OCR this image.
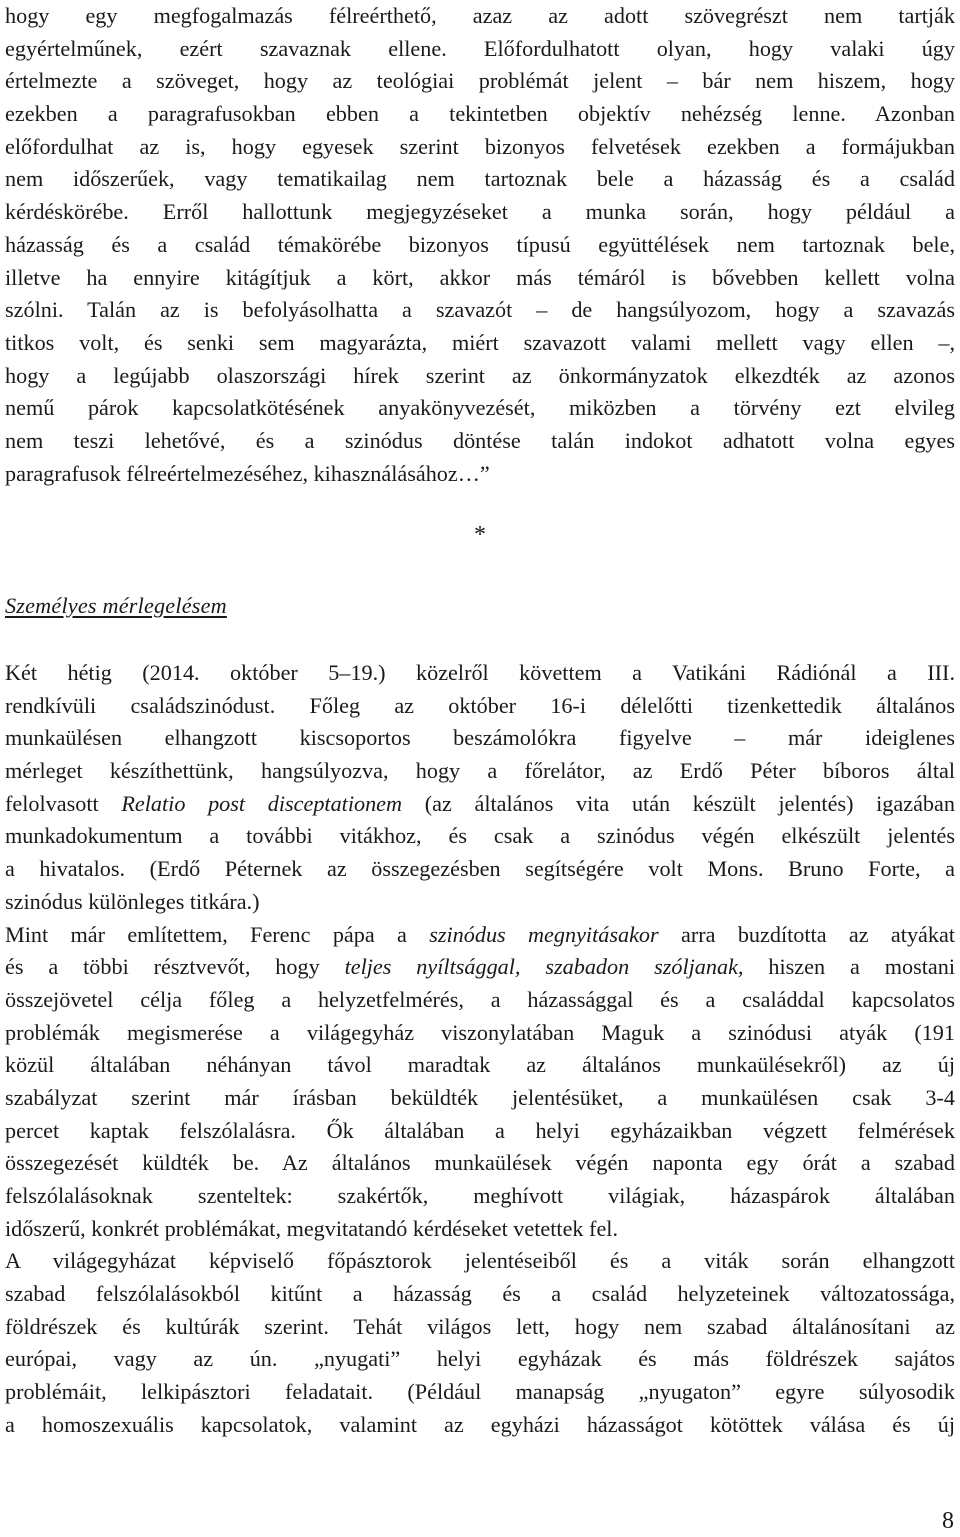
hogy egy megfogalmazás félreérthető, azaz az adott szövegrészt nem tartják
egyértelműnek, ezért szavaznak ellene. Előfordulhatott olyan, hogy valaki úgy
értelmezte a szöveget, hogy az teológiai problémát jelent – bár nem hiszem, hogy
ezekben a paragrafusokban ebben a tekintetben objektív nehézség lenne. Azonban
előfordulhat az is, hogy egyesek szerint bizonyos felvetések ezekben a formájukban
nem időszerűek, vagy tematikailag nem tartoznak bele a házasság és a család
kérdéskörébe. Erről hallottunk megjegyzéseket a munka során, hogy például a
házasság és a család témakörébe bizonyos típusú együttélések nem tartoznak bele,
illetve ha ennyire kitágítjuk a kört, akkor más témáról is bővebben kellett volna
szólni. Talán az is befolyásolhatta a szavazót – de hangsúlyozom, hogy a szavazás
titkos volt, és senki sem magyarázta, miért szavazott valami mellett vagy ellen –,
hogy a legújabb olaszországi hírek szerint az önkormányzatok elkezdték az azonos
nemű párok kapcsolatkötésének anyakönyvezését, miközben a törvény ezt elvileg
nem teszi lehetővé, és a szinódus döntése talán indokot adhatott volna egyes
paragrafusok félreértelmezéséhez, kihasználásához…”
*
Személyes mérlegelésem
Két hétig (2014. október 5–19.) közelről követtem a Vatikáni Rádiónál a III.
rendkívüli családszinódust. Főleg az október 16-i délelőtti tizenkettedik általános
munkaülésen elhangzott kiscsoportos beszámolókra figyelve – már ideiglenes
mérleget készíthettünk, hangsúlyozva, hogy a főrelátor, az Erdő Péter bíboros által
felolvasott Relatio post disceptationem (az általános vita után készült jelentés) igazában
munkadokumentum a további vitákhoz, és csak a szinódus végén elkészült jelentés
a hivatalos. (Erdő Péternek az összegezésben segítségére volt Mons. Bruno Forte, a
szinódus különleges titkára.)
Mint már említettem, Ferenc pápa a szinódus megnyitásakor arra buzdította az atyákat
és a többi résztvevőt, hogy teljes nyíltsággal, szabadon szóljanak, hiszen a mostani
összejövetel célja főleg a helyzetfelmérés, a házassággal és a családdal kapcsolatos
problémák megismerése a világegyház viszonylatában Maguk a szinódusi atyák (191
közül általában néhányan távol maradtak az általános munkaülésekről) az új
szabályzat szerint már írásban beküldték jelentésüket, a munkaülésen csak 3-4
percet kaptak felszólalásra. Ők általában a helyi egyházaikban végzett felmérések
összegezését küldték be. Az általános munkaülések végén naponta egy órát a szabad
felszólalásoknak szenteltek: szakértők, meghívott világiak, házaspárok általában
időszerű, konkrét problémákat, megvitatandó kérdéseket vetettek fel.
A világegyházat képviselő főpásztorok jelentéseiből és a viták során elhangzott
szabad felszólalásokból kitűnt a házasság és a család helyzeteinek változatossága,
földrészek és kultúrák szerint. Tehát világos lett, hogy nem szabad általánosítani az
európai, vagy az ún. „nyugati” helyi egyházak és más földrészek sajátos
problémáit, lelkipásztori feladatait. (Például manapság „nyugaton” egyre súlyosodik
a homoszexuális kapcsolatok, valamint az egyházi házasságot kötöttek válása és új
8
